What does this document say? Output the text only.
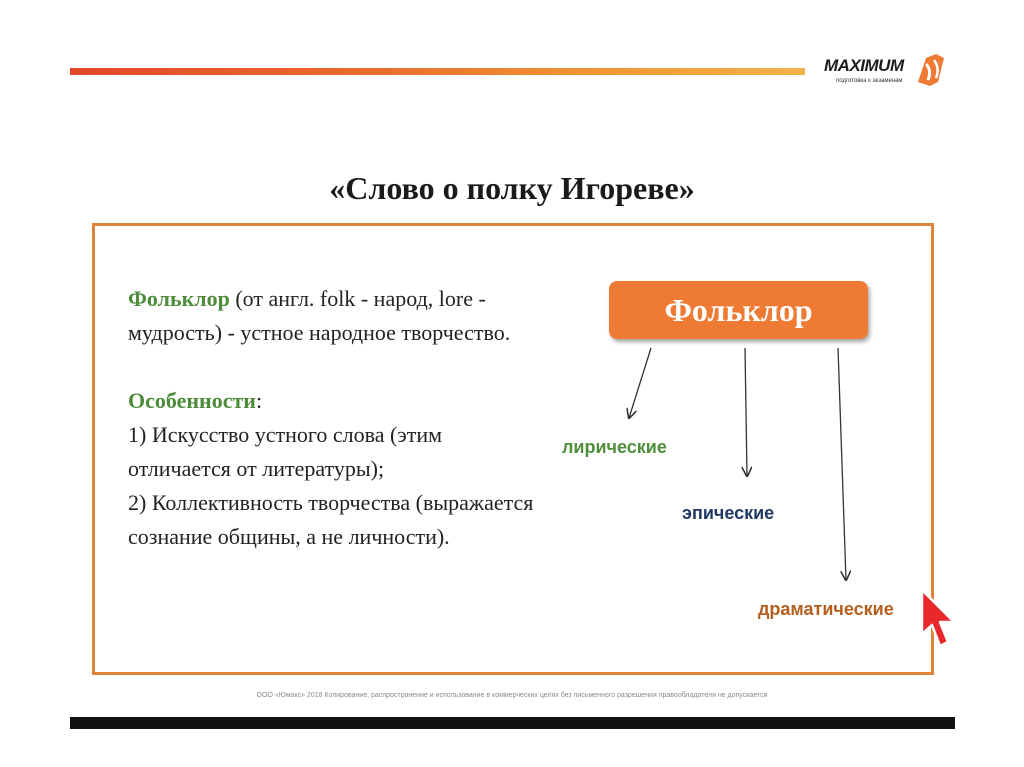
MAXIMUM
подготовка к экзаменам
«Слово о полку Игореве»

Фольклор (от англ. folk - народ, lore - мудрость) - устное народное творчество.

Особенности:

1) Искусство устного слова (этим отличается от литературы);

2) Коллективность творчества (выражается сознание общины, а не личности).

Фольклор
лирические
эпические
драматические
ООО «Юмакс» 2018 Копирование, распространение и использование в коммерческих целях без письменного разрешения правообладателя не допускается
